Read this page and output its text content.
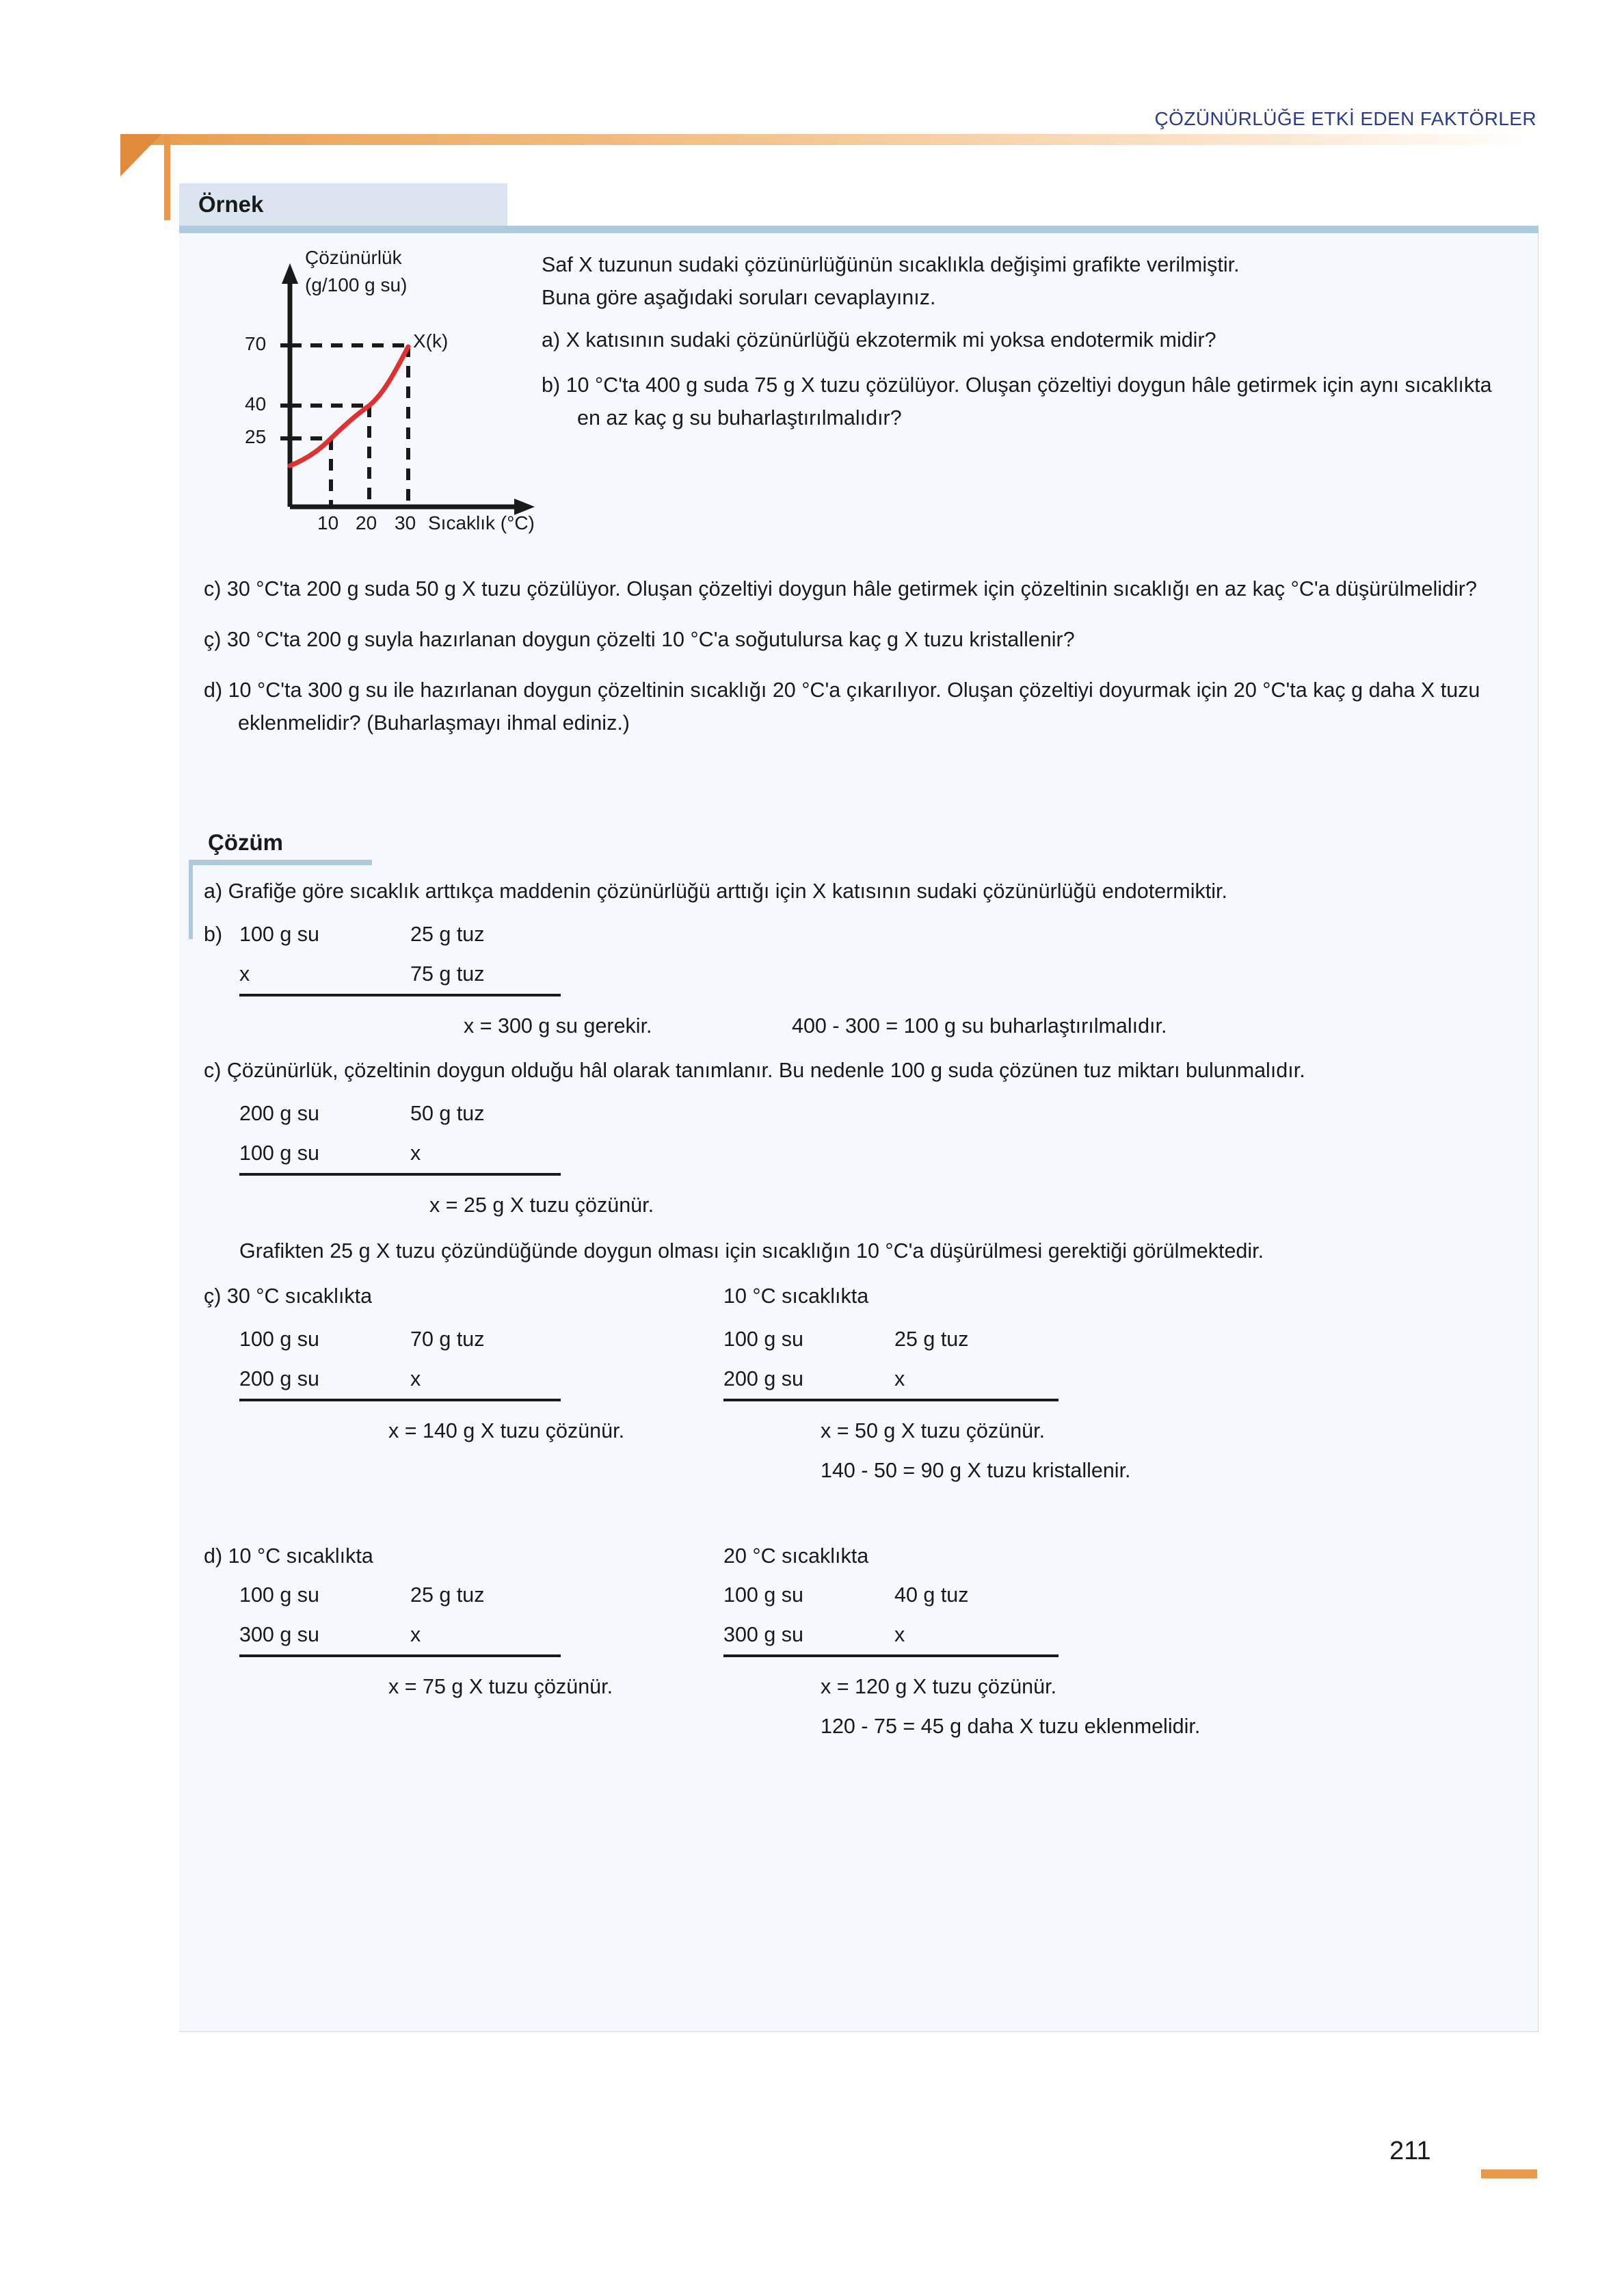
ÇÖZÜNÜRLÜĞE ETKİ EDEN FAKTÖRLER
Örnek
Çözünürlük
(g/100 g su)
70
40
25
10 20 30 Sıcaklık (°C)
X(k)
Saf X tuzunun sudaki çözünürlüğünün sıcaklıkla değişimi grafikte verilmiştir.
Buna göre aşağıdaki soruları cevaplayınız.
a) X katısının sudaki çözünürlüğü ekzotermik mi yoksa endotermik midir?
b) 10 °C'ta 400 g suda 75 g X tuzu çözülüyor. Oluşan çözeltiyi doygun hâle getirmek için aynı sıcaklıkta en az kaç g su buharlaştırılmalıdır?
c) 30 °C'ta 200 g suda 50 g X tuzu çözülüyor. Oluşan çözeltiyi doygun hâle getirmek için çözeltinin sıcaklığı en az kaç °C'a düşürülmelidir?
ç) 30 °C'ta 200 g suyla hazırlanan doygun çözelti 10 °C'a soğutulursa kaç g X tuzu kristallenir?
d) 10 °C'ta 300 g su ile hazırlanan doygun çözeltinin sıcaklığı 20 °C'a çıkarılıyor. Oluşan çözeltiyi doyurmak için 20 °C'ta kaç g daha X tuzu eklenmelidir? (Buharlaşmayı ihmal ediniz.)
Çözüm
a) Grafiğe göre sıcaklık arttıkça maddenin çözünürlüğü arttığı için X katısının sudaki çözünürlüğü endotermiktir.
b) 100 g su	25 g tuz
x	75 g tuz
x = 300 g su gerekir.	400 - 300 = 100 g su buharlaştırılmalıdır.
c) Çözünürlük, çözeltinin doygun olduğu hâl olarak tanımlanır. Bu nedenle 100 g suda çözünen tuz miktarı bulunmalıdır.
200 g su	50 g tuz
100 g su	x
x = 25 g X tuzu çözünür.
Grafikten 25 g X tuzu çözündüğünde doygun olması için sıcaklığın 10 °C'a düşürülmesi gerektiği görülmektedir.
ç) 30 °C sıcaklıkta	10 °C sıcaklıkta
100 g su	70 g tuz
200 g su	x
x = 140 g X tuzu çözünür.
100 g su	25 g tuz
200 g su	x
x = 50 g X tuzu çözünür.
140 - 50 = 90 g X tuzu kristallenir.
d) 10 °C sıcaklıkta	20 °C sıcaklıkta
100 g su	25 g tuz
300 g su	x
x = 75 g X tuzu çözünür.
100 g su	40 g tuz
300 g su	x
x = 120 g X tuzu çözünür.
120 - 75 = 45 g daha X tuzu eklenmelidir.
211
